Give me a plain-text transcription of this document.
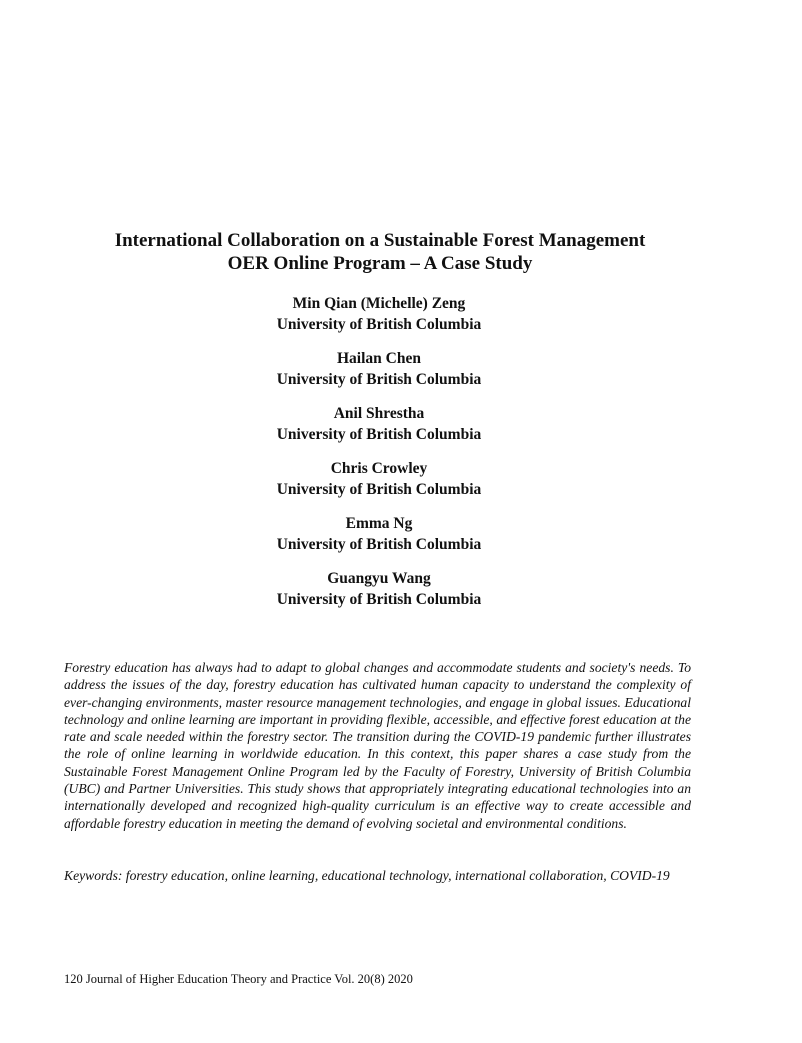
International Collaboration on a Sustainable Forest Management
OER Online Program – A Case Study
Min Qian (Michelle) Zeng
University of British Columbia
Hailan Chen
University of British Columbia
Anil Shrestha
University of British Columbia
Chris Crowley
University of British Columbia
Emma Ng
University of British Columbia
Guangyu Wang
University of British Columbia

Forestry education has always had to adapt to global changes and accommodate students and society's needs. To address the issues of the day, forestry education has cultivated human capacity to understand the complexity of ever-changing environments, master resource management technologies, and engage in global issues. Educational technology and online learning are important in providing flexible, accessible, and effective forest education at the rate and scale needed within the forestry sector. The transition during the COVID-19 pandemic further illustrates the role of online learning in worldwide education. In this context, this paper shares a case study from the Sustainable Forest Management Online Program led by the Faculty of Forestry, University of British Columbia (UBC) and Partner Universities. This study shows that appropriately integrating educational technologies into an internationally developed and recognized high-quality curriculum is an effective way to create accessible and affordable forestry education in meeting the demand of evolving societal and environmental conditions.

Keywords: forestry education, online learning, educational technology, international collaboration, COVID-19

120 Journal of Higher Education Theory and Practice Vol. 20(8) 2020
